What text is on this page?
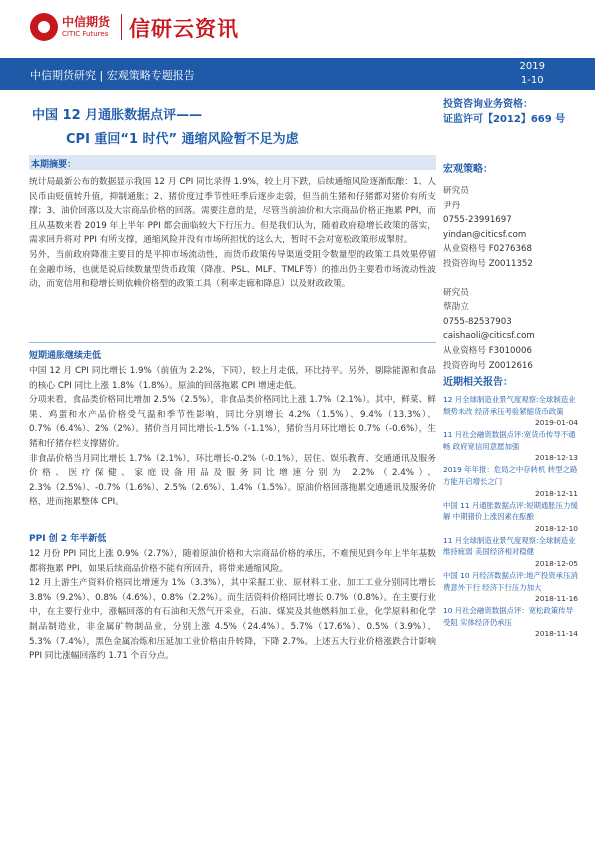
中信期货
CITIC Futures 信研云资讯
中信期货研究 | 宏观策略专题报告
2019
1-10
中国 12 月通胀数据点评——
CPI 重回“1 时代” 通缩风险暂不足为虑
本期摘要：

统计局最新公布的数据显示我国 12 月 CPI 同比录得 1.9%，较上月下跌，后续通缩风险逐渐酝酿：1、人民币由贬值转升值，抑制通胀；2、猪价度过季节性旺季后逐步走弱，但当前生猪和仔猪都对猪价有所支撑；3、油价回落以及大宗商品价格的回落。需要注意的是，尽管当前油价和大宗商品价格正拖累 PPI，而且从基数来看 2019 年上半年 PPI 都会面临较大下行压力。但是我们认为，随着政府稳增长政策的落实，需求回升将对 PPI 有所支撑，通缩风险并没有市场所担忧的这么大，暂时不会对宽松政策形成掣肘。

另外，当前政府降准主要目的是平抑市场流动性，而货币政策传导渠道受阻令数量型的政策工具效果停留在金融市场，也就是说后续数量型货币政策（降准、PSL、MLF、TMLF等）的推出仍主要看市场流动性波动，而宽信用和稳增长则依赖价格型的政策工具（利率走廊和降息）以及财政政策。

短期通胀继续走低

中国 12 月 CPI 同比增长 1.9%（前值为 2.2%，下同），较上月走低，环比持平。另外，剔除能源和食品的核心 CPI 同比上涨 1.8%（1.8%）。原油的回落拖累 CPI 增速走低。

分项来看，食品类价格同比增加 2.5%（2.5%），非食品类价格同比上涨 1.7%（2.1%）。其中，鲜菜、鲜果、鸡蛋和水产品价格受气温和季节性影响，同比分别增长 4.2%（1.5%）、9.4%（13.3%）、0.7%（6.4%）、2%（2%）。猪价当月同比增长-1.5%（-1.1%），猪价当月环比增长 0.7%（-0.6%），生猪和仔猪存栏支撑猪价。

非食品价格当月同比增长 1.7%（2.1%），环比增长-0.2%（-0.1%），居住、娱乐教育、交通通讯及服务价格、医疗保健、家庭设备用品及服务同比增速分别为 2.2%（2.4%）、2.3%（2.5%）、-0.7%（1.6%）、2.5%（2.6%）、1.4%（1.5%）。原油价格回落拖累交通通讯及服务价格，进而拖累整体 CPI。

PPI 创 2 年半新低

12 月份 PPI 同比上涨 0.9%（2.7%），随着原油价格和大宗商品价格的承压，不难预见到今年上半年基数都将拖累 PPI，如果后续商品价格不能有所回升，将带来通缩风险。

12 月上游生产资料价格同比增速为 1%（3.3%），其中采掘工业、原材料工业、加工工业分别同比增长 3.8%（9.2%）、0.8%（4.6%）、0.8%（2.2%）。而生活资料价格同比增长 0.7%（0.8%）。在主要行业中，在主要行业中，涨幅回落的有石油和天然气开采业，石油、煤炭及其他燃料加工业，化学原料和化学制品制造业，非金属矿物制品业，分别上涨 4.5%（24.4%）、5.7%（17.6%）、0.5%（3.9%）、5.3%（7.4%），黑色金属冶炼和压延加工业价格由升转降，下降 2.7%。上述五大行业价格涨跌合计影响 PPI 同比涨幅回落约 1.71 个百分点。

投资咨询业务资格：
证监许可【2012】669 号
宏观策略：
研究员
尹丹
0755-23991697
yindan@citicsf.com
从业资格号 F0276368
投资咨询号 Z0011352
研究员
蔡劭立
0755-82537903
caishaoli@citicsf.com
从业资格号 F3010006
投资咨询号 Z0012616
近期相关报告：
12 月全球制造业景气度观察:全球制造业颓势未改 经济承压考验紧缩货币政策
2019-01-04
11 月社会融资数据点评:宽货币传导不通畅 政府宽信用意愿加强
2018-12-13
2019 年年报：危局之中存转机 转型之路方能开启增长之门
2018-12-11
中国 11 月通胀数据点评:短期通胀压力缓解 中期猪价上涨因素在酝酿
2018-12-10
11 月全球制造业景气度观察:全球制造业维持疲弱 美国经济相对稳健
2018-12-05
中国 10 月经济数据点评:地产投资承压消费意外下行 经济下行压力加大
2018-11-16
10 月社会融资数据点评：宽松政策传导受阻 实体经济仍承压
2018-11-14
